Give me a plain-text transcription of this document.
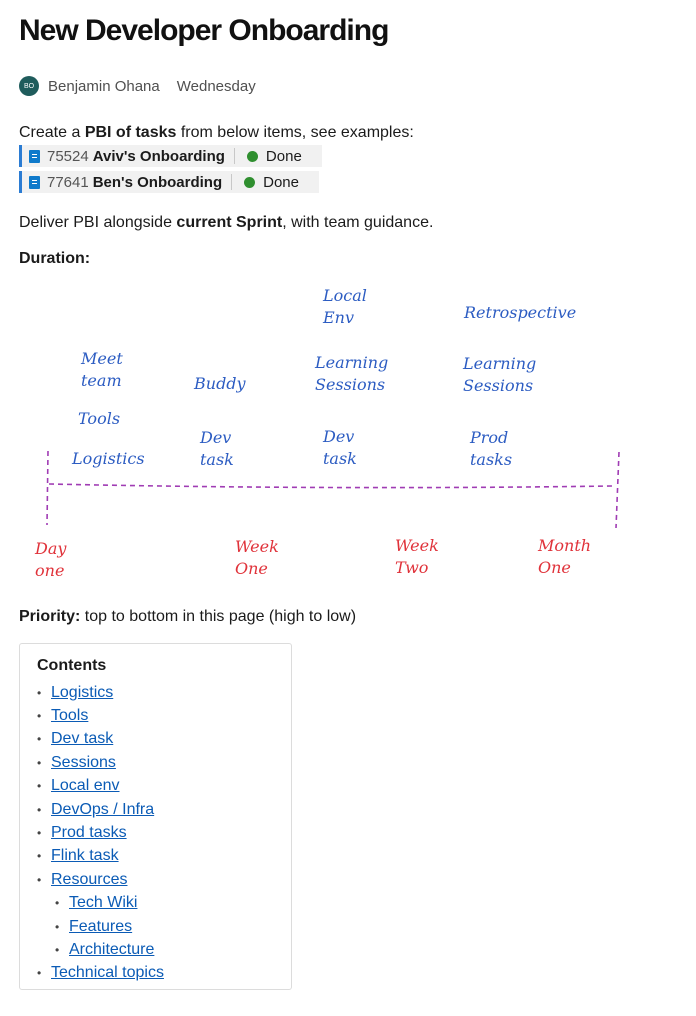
New Developer Onboarding
BO Benjamin Ohana Wednesday

Create a PBI of tasks from below items, see examples:

75524 Aviv's Onboarding	Done
77641 Ben's Onboarding	Done

Deliver PBI alongside current Sprint, with team guidance.

Duration:

Meet
team
Tools
Logistics
Buddy
Dev
task
Local
Env
Learning
Sessions
Dev
task
Retrospective
Learning
Sessions
Prod
tasks
Day
one
Week
One
Week
Two
Month
One

Priority: top to bottom in this page (high to low)

Contents
• Logistics
• Tools
• Dev task
• Sessions
• Local env
• DevOps / Infra
• Prod tasks
• Flink task
• Resources
• Tech Wiki
• Features
• Architecture
• Technical topics
